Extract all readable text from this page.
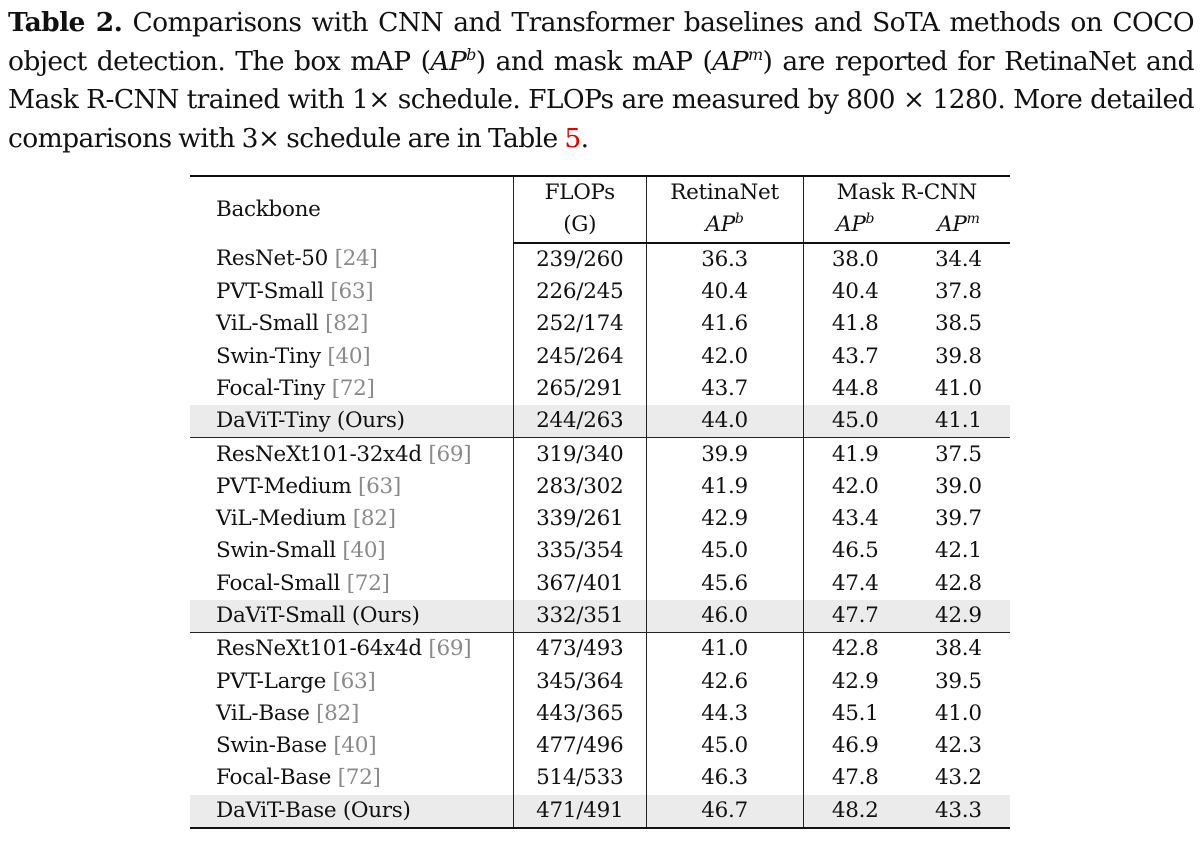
Table 2. Comparisons with CNN and Transformer baselines and SoTA methods on COCO object detection. The box mAP $(AP^b)$ and mask mAP $(AP^m)$ are reported for RetinaNet and Mask R-CNN trained with 1× schedule. FLOPs are measured by 800 × 1280. More detailed comparisons with 3× schedule are in Table 5.
Backbone	FLOPs	RetinaNet	Mask R-CNN	
	(G)	$AP^b$	$AP^b$	$AP^m$
ResNet-50 [24]	239/260	36.3	38.0	34.4
PVT-Small [63]	226/245	40.4	40.4	37.8
ViL-Small [82]	252/174	41.6	41.8	38.5
Swin-Tiny [40]	245/264	42.0	43.7	39.8
Focal-Tiny [72]	265/291	43.7	44.8	41.0
DaViT-Tiny (Ours)	244/263	44.0	45.0	41.1
ResNeXt101-32x4d [69]	319/340	39.9	41.9	37.5
PVT-Medium [63]	283/302	41.9	42.0	39.0
ViL-Medium [82]	339/261	42.9	43.4	39.7
Swin-Small [40]	335/354	45.0	46.5	42.1
Focal-Small [72]	367/401	45.6	47.4	42.8
DaViT-Small (Ours)	332/351	46.0	47.7	42.9
ResNeXt101-64x4d [69]	473/493	41.0	42.8	38.4
PVT-Large [63]	345/364	42.6	42.9	39.5
ViL-Base [82]	443/365	44.3	45.1	41.0
Swin-Base [40]	477/496	45.0	46.9	42.3
Focal-Base [72]	514/533	46.3	47.8	43.2
DaViT-Base (Ours)	471/491	46.7	48.2	43.3
